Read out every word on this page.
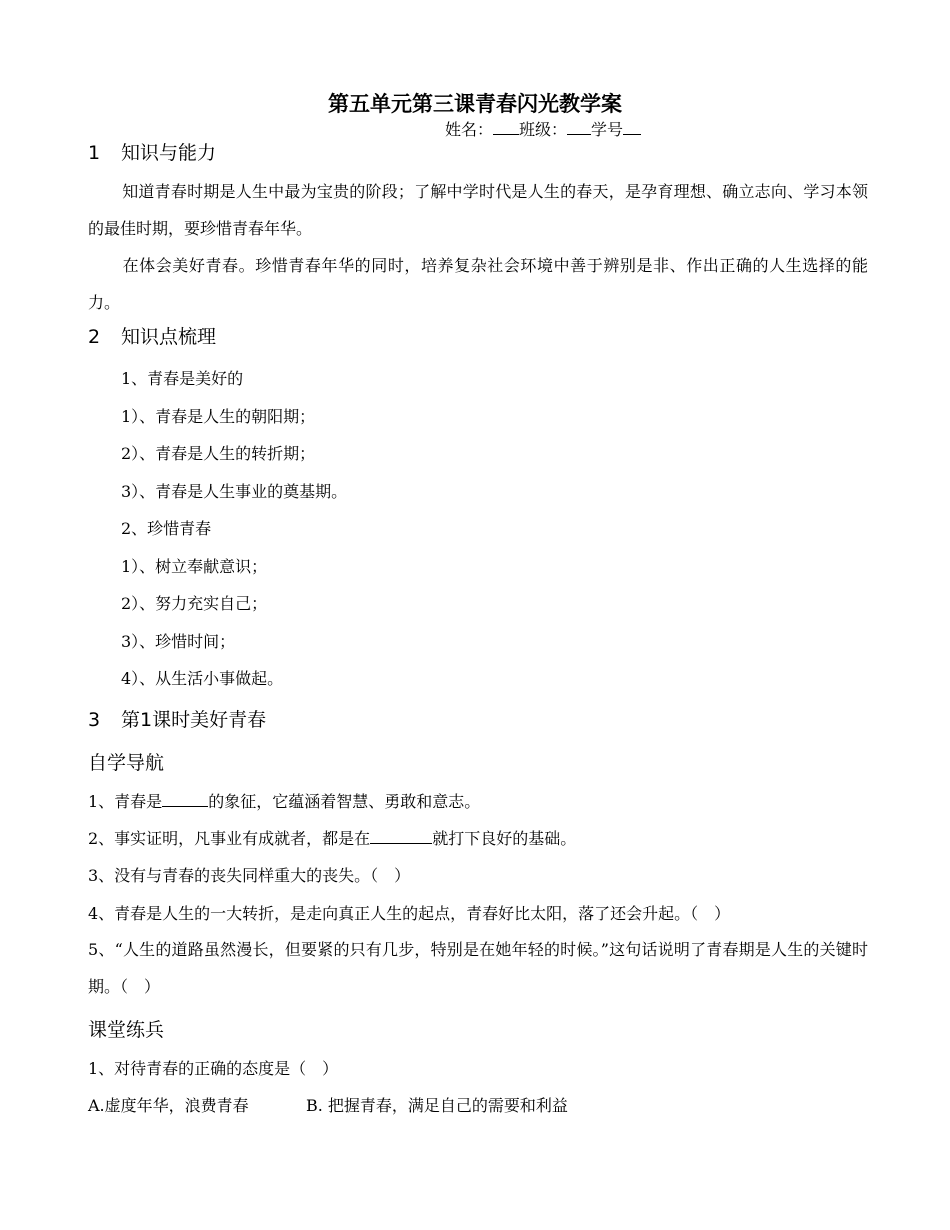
第五单元第三课青春闪光教学案
姓名： 班级： 学号
1 知识与能力
知道青春时期是人生中最为宝贵的阶段；了解中学时代是人生的春天，是孕育理想、确立志向、学习本领的最佳时期，要珍惜青春年华。
在体会美好青春。珍惜青春年华的同时，培养复杂社会环境中善于辨别是非、作出正确的人生选择的能力。
2 知识点梳理
1、青春是美好的
1）、青春是人生的朝阳期；
2）、青春是人生的转折期；
3）、青春是人生事业的奠基期。
2、珍惜青春
1）、树立奉献意识；
2）、努力充实自己；
3）、珍惜时间；
4）、从生活小事做起。
3 第1课时美好青春
自学导航
1、青春是	的象征，它蕴涵着智慧、勇敢和意志。
2、事实证明，凡事业有成就者，都是在	就打下良好的基础。
3、没有与青春的丧失同样重大的丧失。（　）
4、青春是人生的一大转折，是走向真正人生的起点，青春好比太阳，落了还会升起。（　）
5、“人生的道路虽然漫长，但要紧的只有几步，特别是在她年轻的时候。”这句话说明了青春期是人生的关键时期。（　）
课堂练兵
1、对待青春的正确的态度是（　）
A.虚度年华，浪费青春	B. 把握青春，满足自己的需要和利益
